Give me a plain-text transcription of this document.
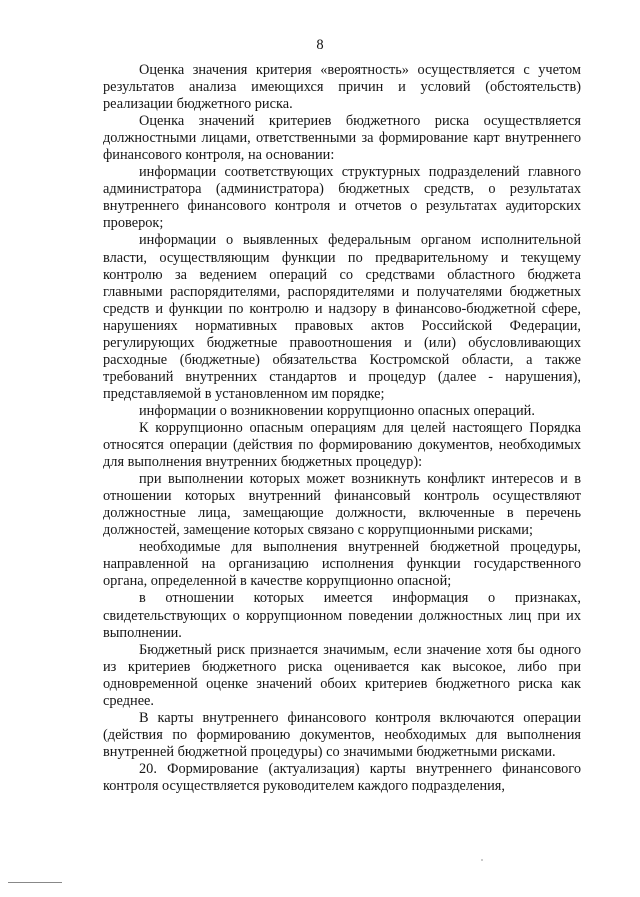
8

Оценка значения критерия «вероятность» осуществляется с учетом результатов анализа имеющихся причин и условий (обстоятельств) реализации бюджетного риска.

Оценка значений критериев бюджетного риска осуществляется должностными лицами, ответственными за формирование карт внутреннего финансового контроля, на основании:

информации соответствующих структурных подразделений главного администратора (администратора) бюджетных средств, о результатах внутреннего финансового контроля и отчетов о результатах аудиторских проверок;

информации о выявленных федеральным органом исполнительной власти, осуществляющим функции по предварительному и текущему контролю за ведением операций со средствами областного бюджета главными распорядителями, распорядителями и получателями бюджетных средств и функции по контролю и надзору в финансово-бюджетной сфере, нарушениях нормативных правовых актов Российской Федерации, регулирующих бюджетные правоотношения и (или) обусловливающих расходные (бюджетные) обязательства Костромской области, а также требований внутренних стандартов и процедур (далее - нарушения), представляемой в установленном им порядке;

информации о возникновении коррупционно опасных операций.

К коррупционно опасным операциям для целей настоящего Порядка относятся операции (действия по формированию документов, необходимых для выполнения внутренних бюджетных процедур):

при выполнении которых может возникнуть конфликт интересов и в отношении которых внутренний финансовый контроль осуществляют должностные лица, замещающие должности, включенные в перечень должностей, замещение которых связано с коррупционными рисками;

необходимые для выполнения внутренней бюджетной процедуры, направленной на организацию исполнения функции государственного органа, определенной в качестве коррупционно опасной;

в отношении которых имеется информация о признаках, свидетельствующих о коррупционном поведении должностных лиц при их выполнении.

Бюджетный риск признается значимым, если значение хотя бы одного из критериев бюджетного риска оценивается как высокое, либо при одновременной оценке значений обоих критериев бюджетного риска как среднее.

В карты внутреннего финансового контроля включаются операции (действия по формированию документов, необходимых для выполнения внутренней бюджетной процедуры) со значимыми бюджетными рисками.

20. Формирование (актуализация) карты внутреннего финансового контроля осуществляется руководителем каждого подразделения,
